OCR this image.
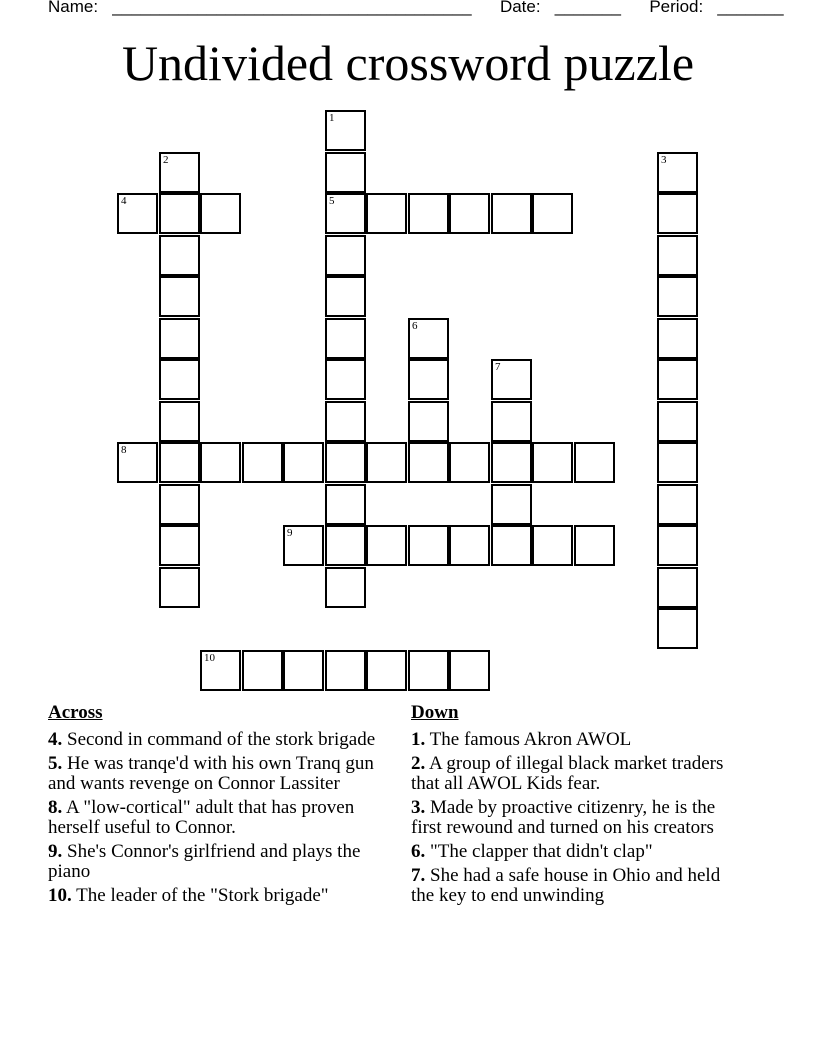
Name: ______________________________________ Date: _______ Period: _______
Undivided crossword puzzle
1
5
2	3
4
6
7
8
9
10
Across
4. Second in command of the stork brigade
5. He was tranqe'd with his own Tranq gun and wants revenge on Connor Lassiter
8. A "low-cortical" adult that has proven herself useful to Connor.
9. She's Connor's girlfriend and plays the piano
10. The leader of the "Stork brigade"
Down
1. The famous Akron AWOL
2. A group of illegal black market traders that all AWOL Kids fear.
3. Made by proactive citizenry, he is the first rewound and turned on his creators
6. "The clapper that didn't clap"
7. She had a safe house in Ohio and held the key to end unwinding
